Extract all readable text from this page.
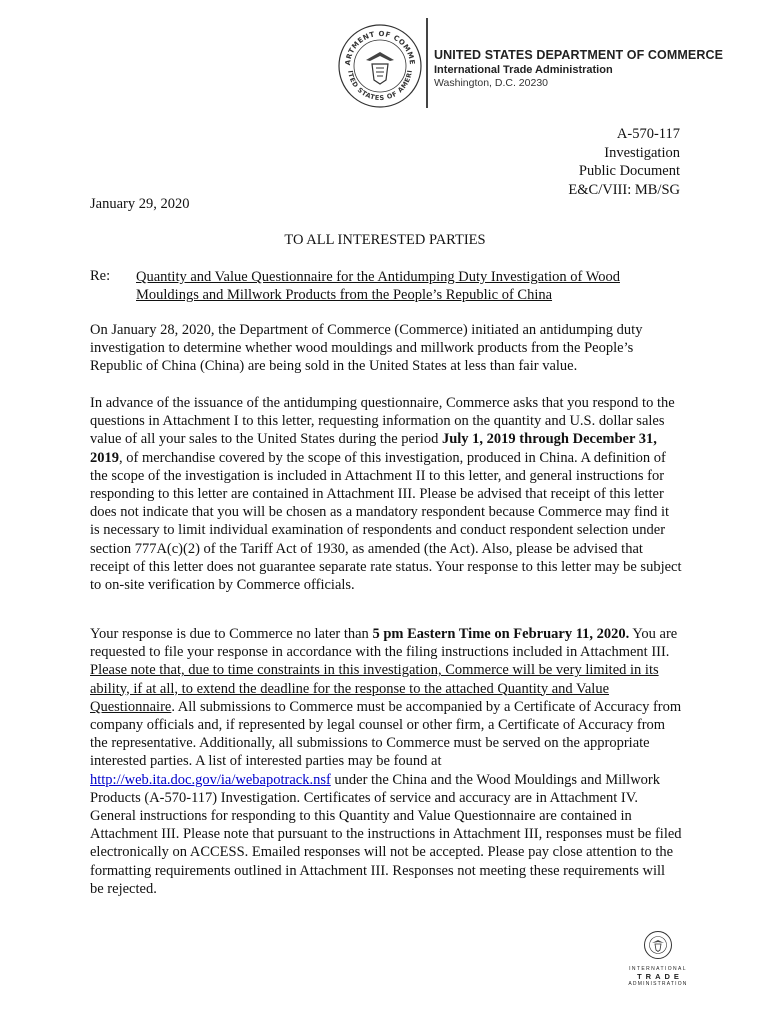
ARTMENT OF COMME
ITED STATES OF AMERI
UNITED STATES DEPARTMENT OF COMMERCE
International Trade Administration
Washington, D.C. 20230
A-570-117
Investigation
Public Document
E&C/VIII: MB/SG
January 29, 2020
TO ALL INTERESTED PARTIES
Re: Quantity and Value Questionnaire for the Antidumping Duty Investigation of Wood Mouldings and Millwork Products from the People’s Republic of China
On January 28, 2020, the Department of Commerce (Commerce) initiated an antidumping duty investigation to determine whether wood mouldings and millwork products from the People’s Republic of China (China) are being sold in the United States at less than fair value.
In advance of the issuance of the antidumping questionnaire, Commerce asks that you respond to the questions in Attachment I to this letter, requesting information on the quantity and U.S. dollar sales value of all your sales to the United States during the period July 1, 2019 through December 31, 2019, of merchandise covered by the scope of this investigation, produced in China. A definition of the scope of the investigation is included in Attachment II to this letter, and general instructions for responding to this letter are contained in Attachment III. Please be advised that receipt of this letter does not indicate that you will be chosen as a mandatory respondent because Commerce may find it is necessary to limit individual examination of respondents and conduct respondent selection under section 777A(c)(2) of the Tariff Act of 1930, as amended (the Act). Also, please be advised that receipt of this letter does not guarantee separate rate status. Your response to this letter may be subject to on-site verification by Commerce officials.
Your response is due to Commerce no later than 5 pm Eastern Time on February 11, 2020. You are requested to file your response in accordance with the filing instructions included in Attachment III. Please note that, due to time constraints in this investigation, Commerce will be very limited in its ability, if at all, to extend the deadline for the response to the attached Quantity and Value Questionnaire. All submissions to Commerce must be accompanied by a Certificate of Accuracy from company officials and, if represented by legal counsel or other firm, a Certificate of Accuracy from the representative. Additionally, all submissions to Commerce must be served on the appropriate interested parties. A list of interested parties may be found at http://web.ita.doc.gov/ia/webapotrack.nsf under the China and the Wood Mouldings and Millwork Products (A-570-117) Investigation. Certificates of service and accuracy are in Attachment IV. General instructions for responding to this Quantity and Value Questionnaire are contained in Attachment III. Please note that pursuant to the instructions in Attachment III, responses must be filed electronically on ACCESS. Emailed responses will not be accepted. Please pay close attention to the formatting requirements outlined in Attachment III. Responses not meeting these requirements will be rejected.
INTERNATIONAL
TRADE
ADMINISTRATION
